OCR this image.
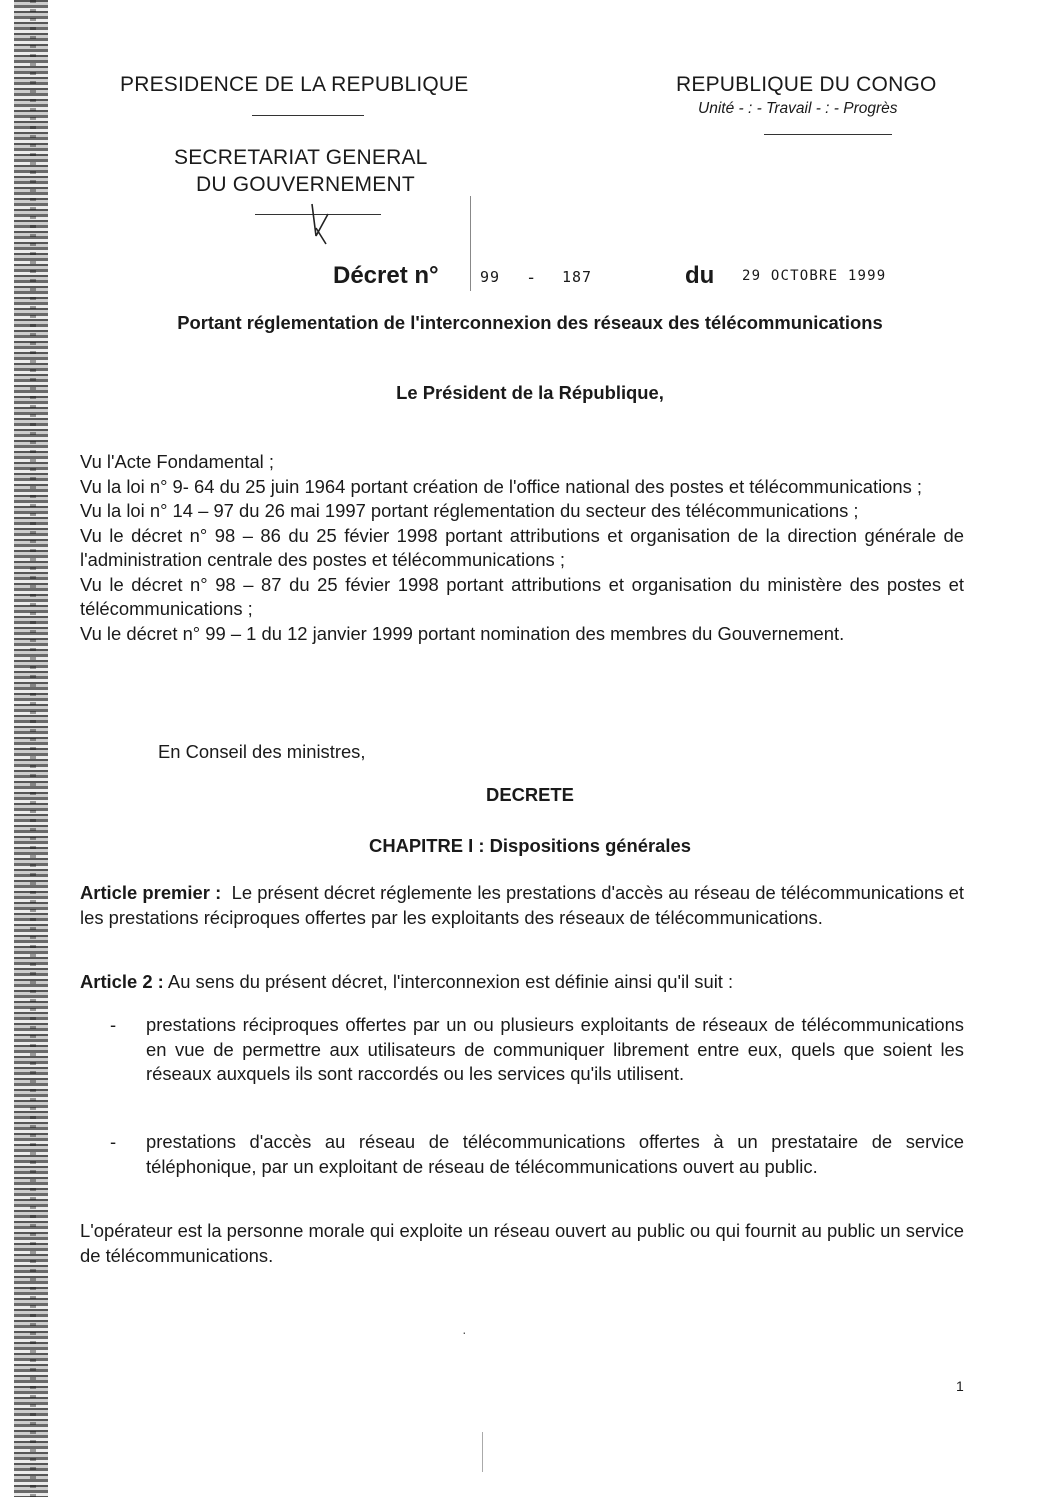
PRESIDENCE DE LA REPUBLIQUE	REPUBLIQUE DU CONGO
Unité - : - Travail - : - Progrès
SECRETARIAT GENERAL
DU GOUVERNEMENT
Décret n°	99 - 187	du 29 OCTOBRE 1999
Portant réglementation de l'interconnexion des réseaux des télécommunications
Le Président de la République,

Vu l'Acte Fondamental ;

Vu la loi n° 9- 64 du 25 juin 1964 portant création de l'office national des postes et télécommunications ;

Vu la loi n° 14 – 97 du 26 mai 1997 portant réglementation du secteur des télécommunications ;

Vu le décret n° 98 – 86 du 25 févier 1998 portant attributions et organisation de la direction générale de l'administration centrale des postes et télécommunications ;

Vu le décret n° 98 – 87 du 25 févier 1998 portant attributions et organisation du ministère des postes et télécommunications ;

Vu le décret n° 99 – 1 du 12 janvier 1999 portant nomination des membres du Gouvernement.

En Conseil des ministres,
DECRETE
CHAPITRE I : Dispositions générales

Article premier : Le présent décret réglemente les prestations d'accès au réseau de télécommunications et les prestations réciproques offertes par les exploitants des réseaux de télécommunications.

Article 2 : Au sens du présent décret, l'interconnexion est définie ainsi qu'il suit :

-	prestations réciproques offertes par un ou plusieurs exploitants de réseaux de télécommunications en vue de permettre aux utilisateurs de communiquer librement entre eux, quels que soient les réseaux auxquels ils sont raccordés ou les services qu'ils utilisent.
-	prestations d'accès au réseau de télécommunications offertes à un prestataire de service téléphonique, par un exploitant de réseau de télécommunications ouvert au public.

L'opérateur est la personne morale qui exploite un réseau ouvert au public ou qui fournit au public un service de télécommunications.

·
1
